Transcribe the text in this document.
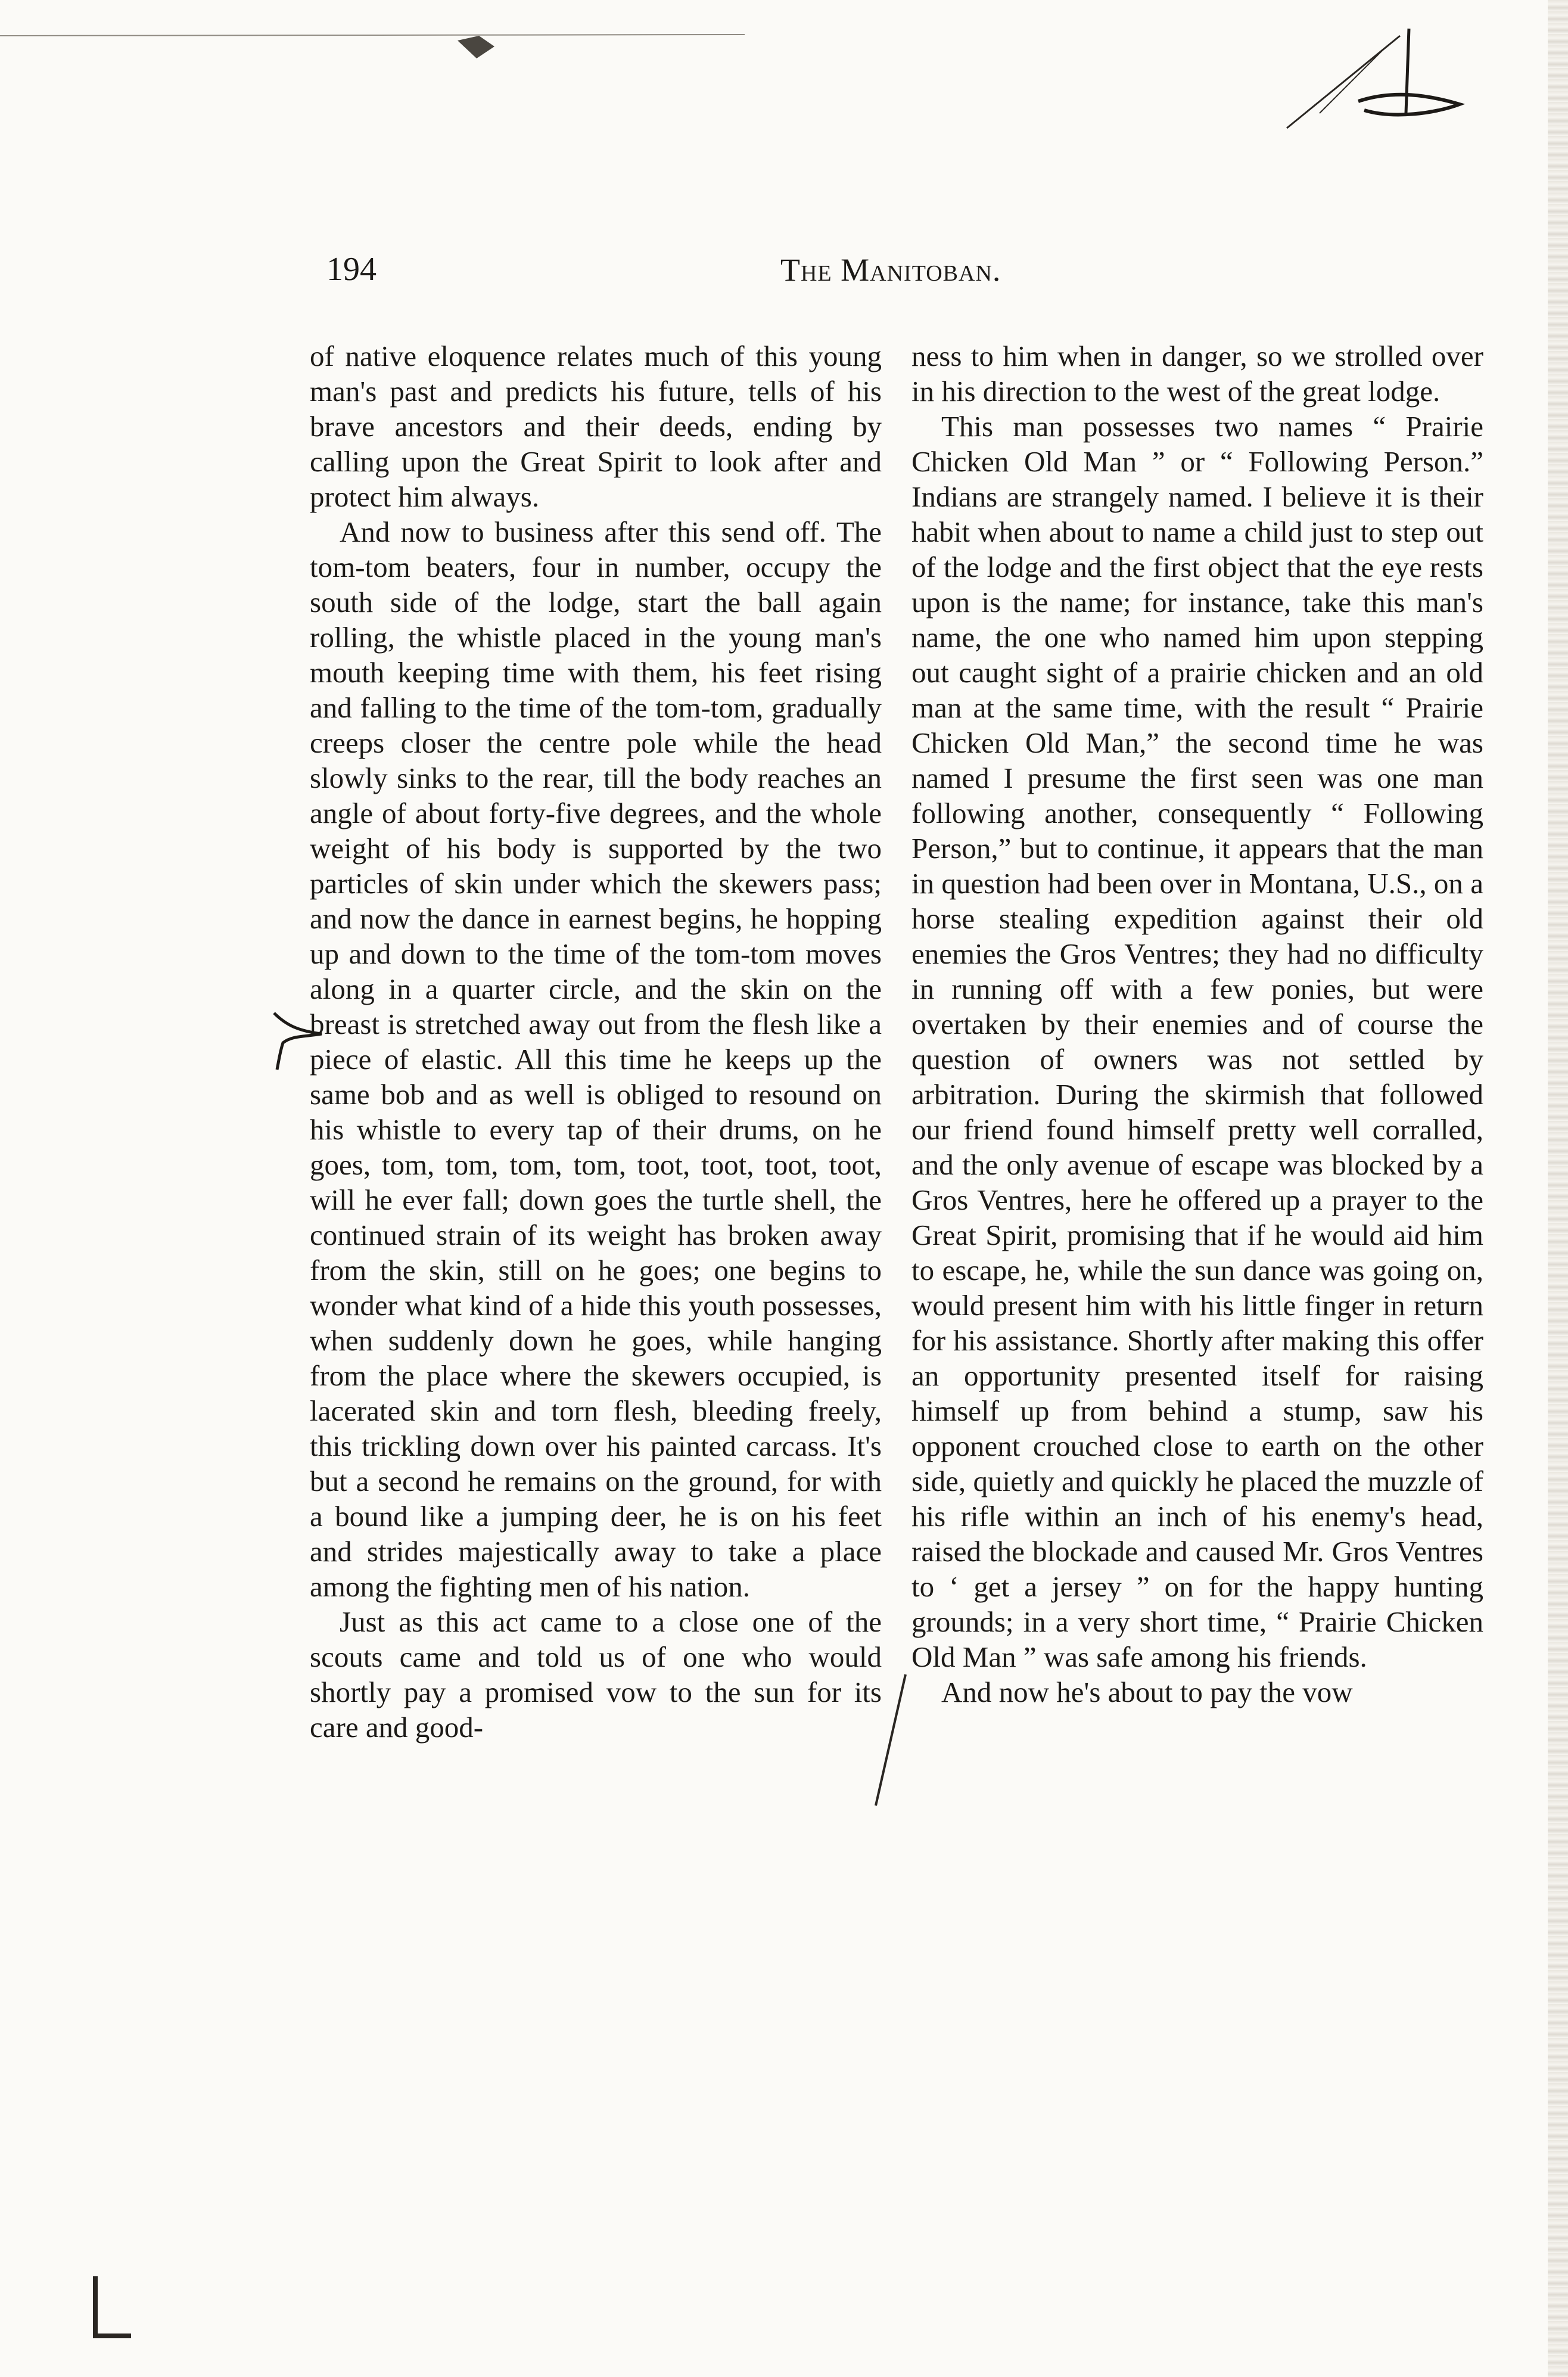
194	The Manitoban.

of native eloquence relates much of this young man's past and predicts his future, tells of his brave ancestors and their deeds, ending by calling upon the Great Spirit to look after and protect him always.

And now to business after this send off. The tom-tom beaters, four in number, occupy the south side of the lodge, start the ball again rolling, the whistle placed in the young man's mouth keeping time with them, his feet rising and falling to the time of the tom-tom, gradually creeps closer the centre pole while the head slowly sinks to the rear, till the body reaches an angle of about forty-five degrees, and the whole weight of his body is supported by the two particles of skin under which the skewers pass; and now the dance in earnest begins, he hopping up and down to the time of the tom-tom moves along in a quarter circle, and the skin on the breast is stretched away out from the flesh like a piece of elastic. All this time he keeps up the same bob and as well is obliged to resound on his whistle to every tap of their drums, on he goes, tom, tom, tom, tom, toot, toot, toot, toot, will he ever fall; down goes the turtle shell, the continued strain of its weight has broken away from the skin, still on he goes; one begins to wonder what kind of a hide this youth possesses, when suddenly down he goes, while hanging from the place where the skewers occupied, is lacerated skin and torn flesh, bleeding freely, this trickling down over his painted carcass. It's but a second he remains on the ground, for with a bound like a jumping deer, he is on his feet and strides majestically away to take a place among the fighting men of his nation.

Just as this act came to a close one of the scouts came and told us of one who would shortly pay a promised vow to the sun for its care and good-

ness to him when in danger, so we strolled over in his direction to the west of the great lodge.

This man possesses two names “ Prairie Chicken Old Man ” or “ Following Person.” Indians are strangely named. I believe it is their habit when about to name a child just to step out of the lodge and the first object that the eye rests upon is the name; for instance, take this man's name, the one who named him upon stepping out caught sight of a prairie chicken and an old man at the same time, with the result “ Prairie Chicken Old Man,” the second time he was named I presume the first seen was one man following another, consequently “ Following Person,” but to continue, it appears that the man in question had been over in Montana, U.S., on a horse stealing expedition against their old enemies the Gros Ventres; they had no difficulty in running off with a few ponies, but were overtaken by their enemies and of course the question of owners was not settled by arbitration. During the skirmish that followed our friend found himself pretty well corralled, and the only avenue of escape was blocked by a Gros Ventres, here he offered up a prayer to the Great Spirit, promising that if he would aid him to escape, he, while the sun dance was going on, would present him with his little finger in return for his assistance. Shortly after making this offer an opportunity presented itself for raising himself up from behind a stump, saw his opponent crouched close to earth on the other side, quietly and quickly he placed the muzzle of his rifle within an inch of his enemy's head, raised the blockade and caused Mr. Gros Ventres to ‘ get a jersey ” on for the happy hunting grounds; in a very short time, “ Prairie Chicken Old Man ” was safe among his friends.

And now he's about to pay the vow
